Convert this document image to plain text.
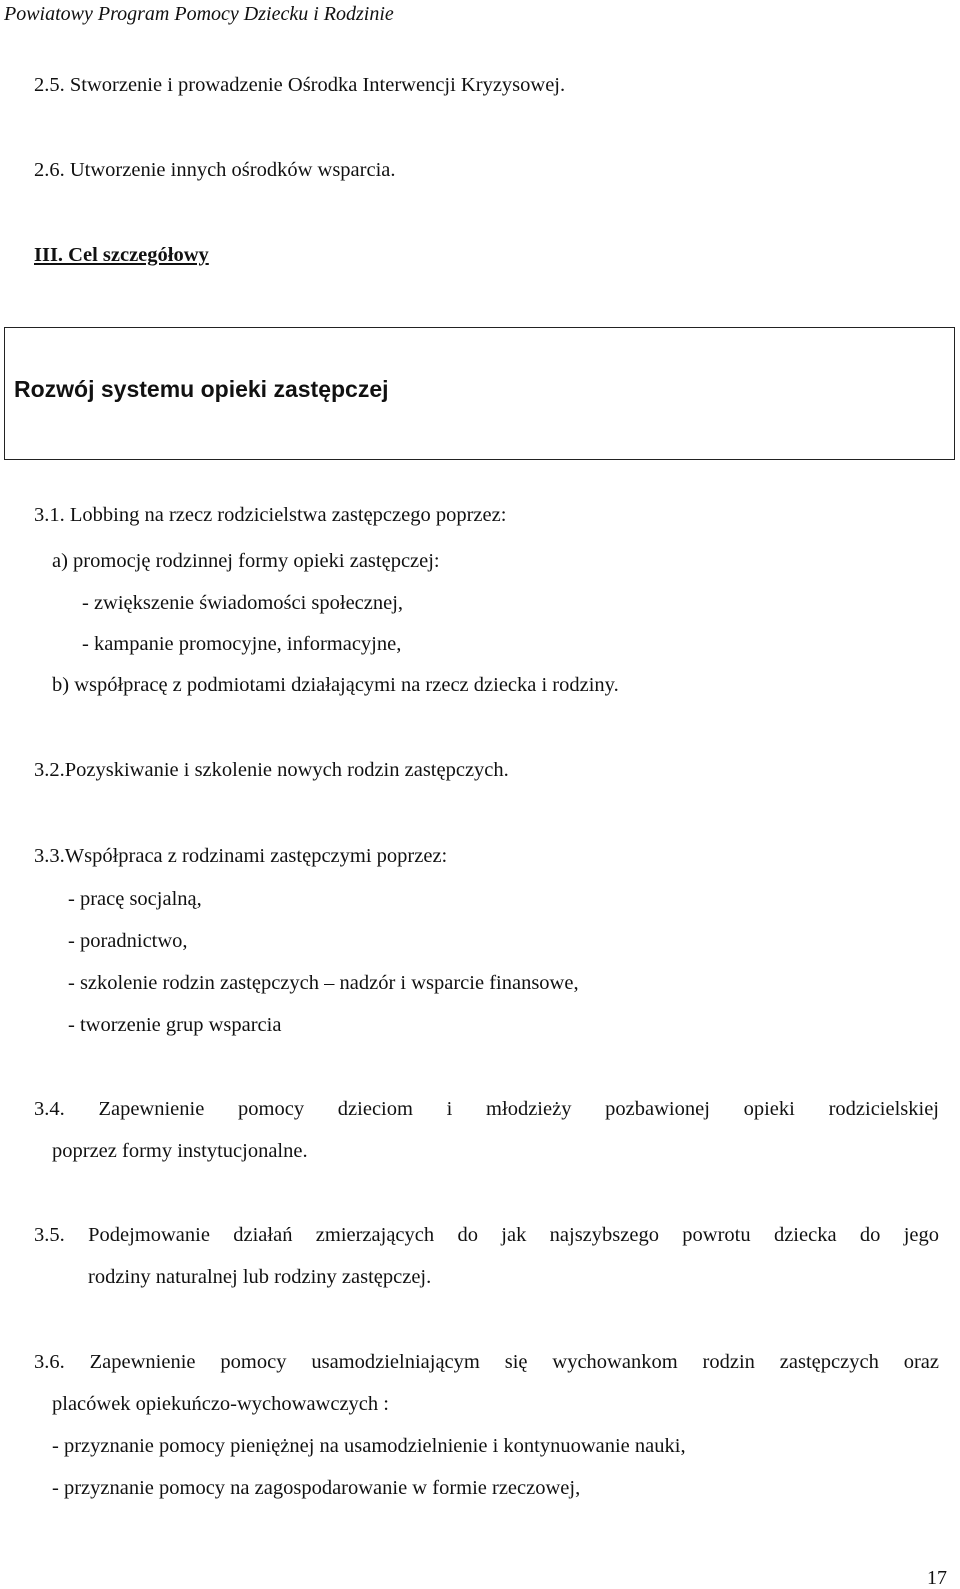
Powiatowy Program Pomocy Dziecku i Rodzinie
2.5. Stworzenie i prowadzenie Ośrodka Interwencji Kryzysowej.
2.6. Utworzenie innych ośrodków wsparcia.
III. Cel szczegółowy
Rozwój systemu opieki zastępczej
3.1. Lobbing na rzecz rodzicielstwa zastępczego poprzez:
a) promocję rodzinnej formy opieki zastępczej:
- zwiększenie świadomości społecznej,
- kampanie promocyjne, informacyjne,
b) współpracę z podmiotami działającymi na rzecz dziecka i rodziny.
3.2.Pozyskiwanie i szkolenie nowych rodzin zastępczych.
3.3.Współpraca z rodzinami zastępczymi poprzez:
- pracę socjalną,
- poradnictwo,
- szkolenie rodzin zastępczych – nadzór i wsparcie finansowe,
- tworzenie grup wsparcia
3.4. Zapewnienie pomocy dzieciom i młodzieży pozbawionej opieki rodzicielskiej
poprzez formy instytucjonalne.
3.5. Podejmowanie działań zmierzających do jak najszybszego powrotu dziecka do jego
rodziny naturalnej lub rodziny zastępczej.
3.6. Zapewnienie pomocy usamodzielniającym się wychowankom rodzin zastępczych oraz
placówek opiekuńczo-wychowawczych :
- przyznanie pomocy pieniężnej na usamodzielnienie i kontynuowanie nauki,
- przyznanie pomocy na zagospodarowanie w formie rzeczowej,
17
